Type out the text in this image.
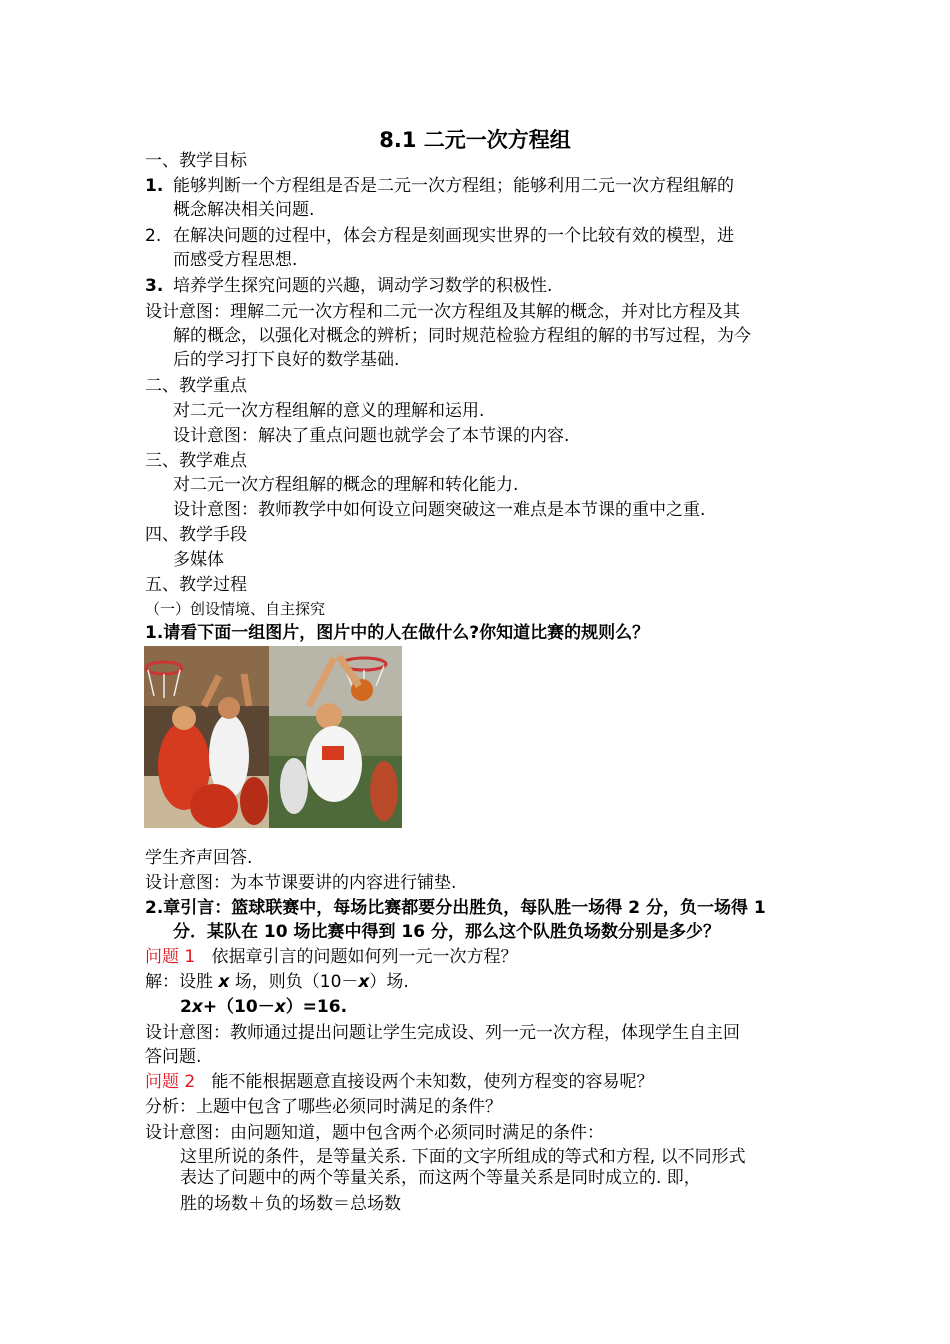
8.1 二元一次方程组
一、教学目标
1. 能够判断一个方程组是否是二元一次方程组；能够利用二元一次方程组解的
概念解决相关问题.
2. 在解决问题的过程中，体会方程是刻画现实世界的一个比较有效的模型，进
而感受方程思想.
3. 培养学生探究问题的兴趣，调动学习数学的积极性.
设计意图：理解二元一次方程和二元一次方程组及其解的概念，并对比方程及其
解的概念，以强化对概念的辨析；同时规范检验方程组的解的书写过程，为今
后的学习打下良好的数学基础.
二、教学重点
对二元一次方程组解的意义的理解和运用.
设计意图：解决了重点问题也就学会了本节课的内容.
三、教学难点
对二元一次方程组解的概念的理解和转化能力.
设计意图：教师教学中如何设立问题突破这一难点是本节课的重中之重.
四、教学手段
多媒体
五、教学过程
（一）创设情境、自主探究
1.请看下面一组图片，图片中的人在做什么?你知道比赛的规则么？
学生齐声回答.
设计意图：为本节课要讲的内容进行铺垫.
2.章引言：篮球联赛中，每场比赛都要分出胜负，每队胜一场得 2 分，负一场得 1
分．某队在 10 场比赛中得到 16 分，那么这个队胜负场数分别是多少？
问题 1 依据章引言的问题如何列一元一次方程？
解：设胜 x 场，则负（10－x）场.
2x+（10－x）=16.
设计意图：教师通过提出问题让学生完成设、列一元一次方程，体现学生自主回
答问题.
问题 2 能不能根据题意直接设两个未知数，使列方程变的容易呢？
分析：上题中包含了哪些必须同时满足的条件？
设计意图：由问题知道，题中包含两个必须同时满足的条件：
这里所说的条件，是等量关系. 下面的文字所组成的等式和方程, 以不同形式
表达了问题中的两个等量关系，而这两个等量关系是同时成立的. 即，
胜的场数＋负的场数＝总场数
